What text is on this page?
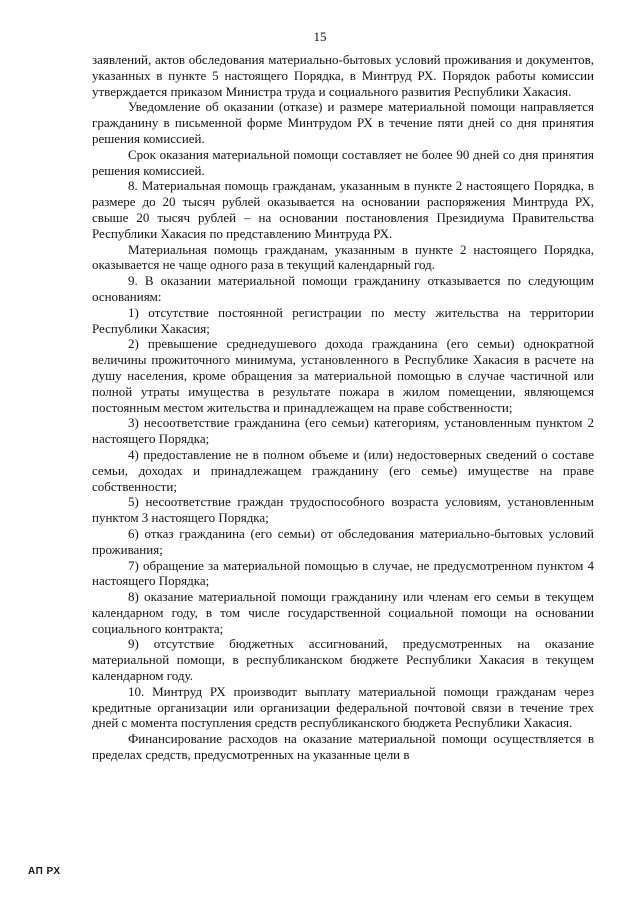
15

заявлений, актов обследования материально-бытовых условий проживания и документов, указанных в пункте 5 настоящего Порядка, в Минтруд РХ. Порядок работы комиссии утверждается приказом Министра труда и социального развития Республики Хакасия.

Уведомление об оказании (отказе) и размере материальной помощи направляется гражданину в письменной форме Минтрудом РХ в течение пяти дней со дня принятия решения комиссией.

Срок оказания материальной помощи составляет не более 90 дней со дня принятия решения комиссией.

8. Материальная помощь гражданам, указанным в пункте 2 настоящего Порядка, в размере до 20 тысяч рублей оказывается на основании распоряжения Минтруда РХ, свыше 20 тысяч рублей – на основании постановления Президиума Правительства Республики Хакасия по представлению Минтруда РХ.

Материальная помощь гражданам, указанным в пункте 2 настоящего Порядка, оказывается не чаще одного раза в текущий календарный год.

9. В оказании материальной помощи гражданину отказывается по следующим основаниям:

1) отсутствие постоянной регистрации по месту жительства на территории Республики Хакасия;

2) превышение среднедушевого дохода гражданина (его семьи) однократной величины прожиточного минимума, установленного в Республике Хакасия в расчете на душу населения, кроме обращения за материальной помощью в случае частичной или полной утраты имущества в результате пожара в жилом помещении, являющемся постоянным местом жительства и принадлежащем на праве собственности;

3) несоответствие гражданина (его семьи) категориям, установленным пунктом 2 настоящего Порядка;

4) предоставление не в полном объеме и (или) недостоверных сведений о составе семьи, доходах и принадлежащем гражданину (его семье) имуществе на праве собственности;

5) несоответствие граждан трудоспособного возраста условиям, установленным пунктом 3 настоящего Порядка;

6) отказ гражданина (его семьи) от обследования материально-бытовых условий проживания;

7) обращение за материальной помощью в случае, не предусмотренном пунктом 4 настоящего Порядка;

8) оказание материальной помощи гражданину или членам его семьи в текущем календарном году, в том числе государственной социальной помощи на основании социального контракта;

9) отсутствие бюджетных ассигнований, предусмотренных на оказание материальной помощи, в республиканском бюджете Республики Хакасия в текущем календарном году.

10. Минтруд РХ производит выплату материальной помощи гражданам через кредитные организации или организации федеральной почтовой связи в течение трех дней с момента поступления средств республиканского бюджета Республики Хакасия.

Финансирование расходов на оказание материальной помощи осуществляется в пределах средств, предусмотренных на указанные цели в

АП РХ
